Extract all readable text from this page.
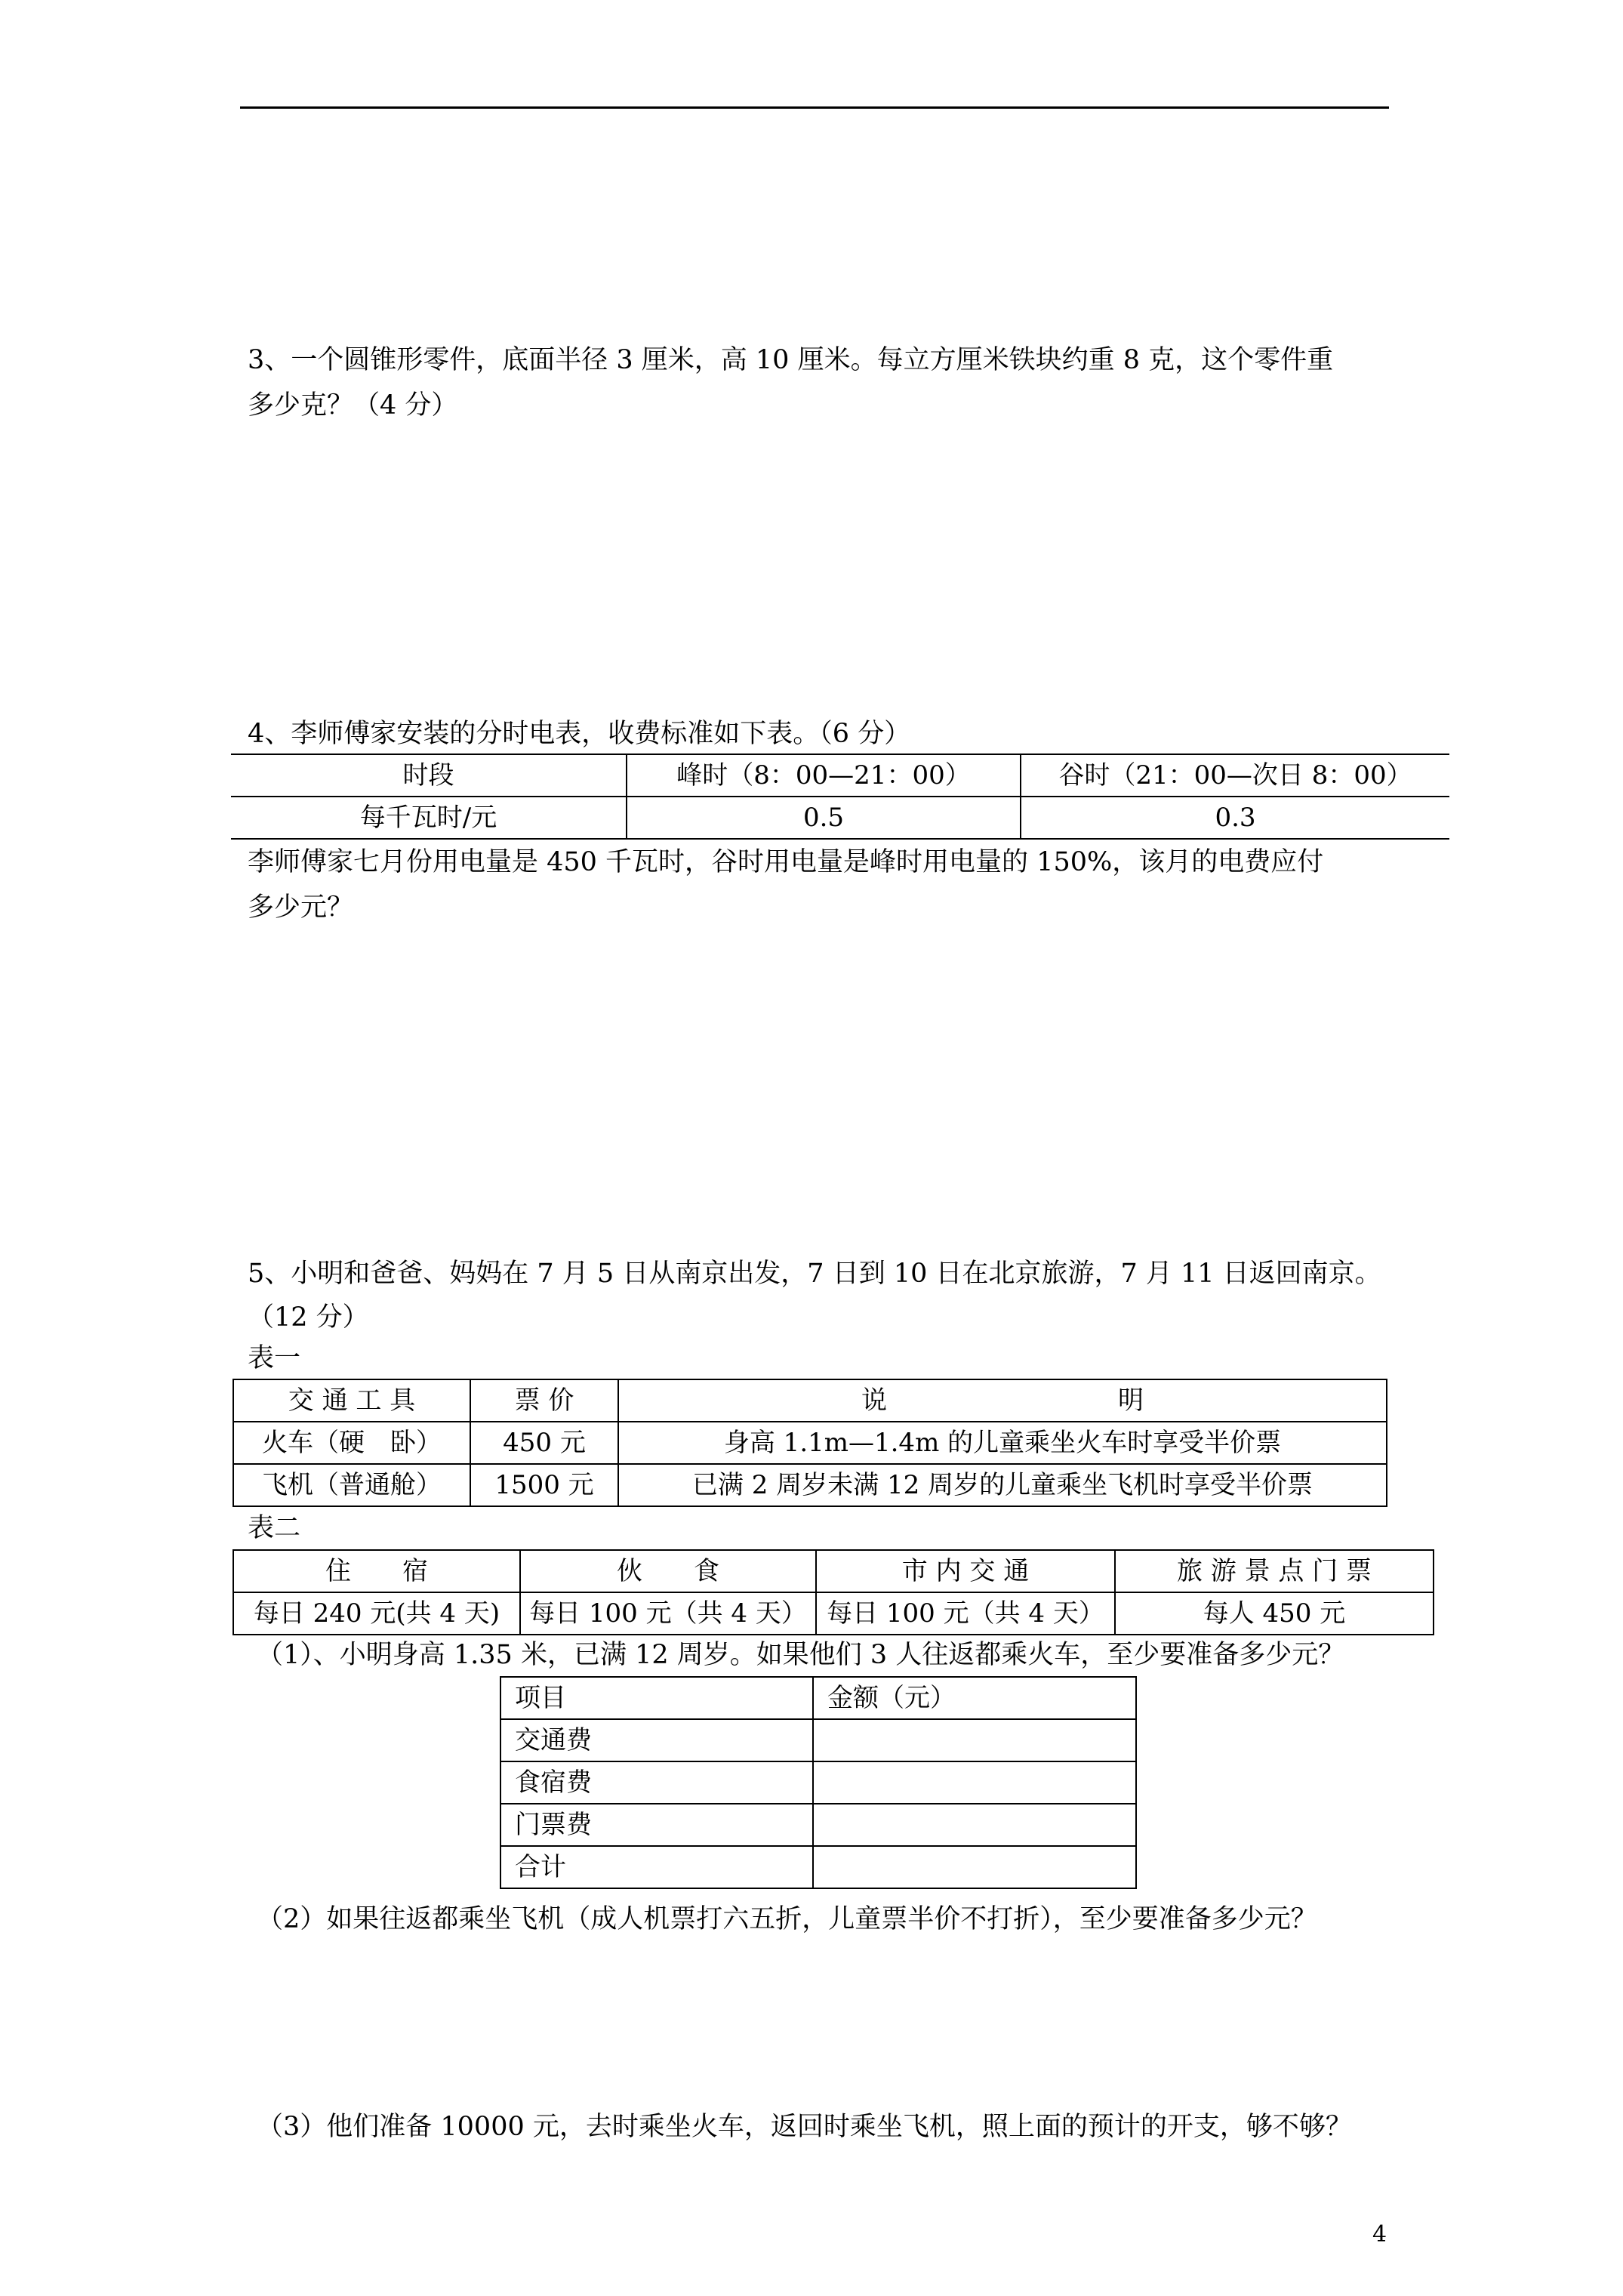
3、一个圆锥形零件，底面半径 3 厘米，高 10 厘米。每立方厘米铁块约重 8 克，这个零件重
多少克？（4 分）
4、李师傅家安装的分时电表，收费标准如下表。（6 分）
时段	峰时（8：00—21：00）	谷时（21：00—次日 8：00）
每千瓦时/元	0.5	0.3
李师傅家七月份用电量是 450 千瓦时，谷时用电量是峰时用电量的 150%，该月的电费应付
多少元？
5、小明和爸爸、妈妈在 7 月 5 日从南京出发，7 日到 10 日在北京旅游，7 月 11 日返回南京。
（12 分）
表一
交 通 工 具	票 价	说　　　　　　　　　明
火车（硬　卧）	450 元	身高 1.1m—1.4m 的儿童乘坐火车时享受半价票
飞机（普通舱）	1500 元	已满 2 周岁未满 12 周岁的儿童乘坐飞机时享受半价票
表二
住　　宿	伙　　食	市 内 交 通	旅 游 景 点 门 票
每日 240 元(共 4 天)	每日 100 元（共 4 天）	每日 100 元（共 4 天）	每人 450 元
（1）、小明身高 1.35 米，已满 12 周岁。如果他们 3 人往返都乘火车，至少要准备多少元？
项目	金额（元）
交通费	
食宿费	
门票费	
合计	
（2）如果往返都乘坐飞机（成人机票打六五折，儿童票半价不打折），至少要准备多少元？
（3）他们准备 10000 元，去时乘坐火车，返回时乘坐飞机，照上面的预计的开支，够不够？
4
